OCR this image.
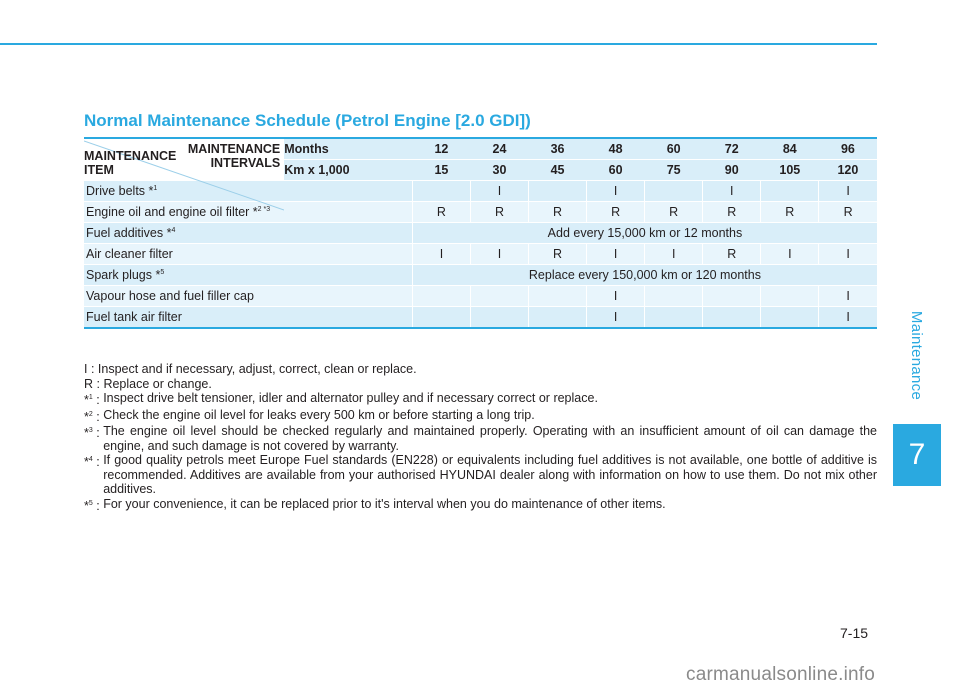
Maintenance
7
Normal Maintenance Schedule (Petrol Engine [2.0 GDI])
MAINTENANCE
INTERVALS
MAINTENANCE
ITEM	Months	12	24	36	48	60	72	84	96
	Km x 1,000	15	30	45	60	75	90	105	120
Drive belts *$^1$			I		I		I		I
Engine oil and engine oil filter *$^{2 *3}$		R	R	R	R	R	R	R	R
Fuel additives *$^4$		Add every 15,000 km or 12 months							
Air cleaner filter		I	I	R	I	I	R	I	I
Spark plugs *$^5$		Replace every 150,000 km or 120 months							
Vapour hose and fuel filler cap					I				I
Fuel tank air filter					I				I
I : Inspect and if necessary, adjust, correct, clean or replace.
R : Replace or change.
*$^1$ : Inspect drive belt tensioner, idler and alternator pulley and if necessary correct or replace.
*$^2$ : Check the engine oil level for leaks every 500 km or before starting a long trip.
*$^3$ : The engine oil level should be checked regularly and maintained properly. Operating with an insufficient amount of oil can damage the engine, and such damage is not covered by warranty.
*$^4$ : If good quality petrols meet Europe Fuel standards (EN228) or equivalents including fuel additives is not available, one bottle of additive is recommended. Additives are available from your authorised HYUNDAI dealer along with information on how to use them. Do not mix other additives.
*$^5$ : For your convenience, it can be replaced prior to it's interval when you do maintenance of other items.
7-15
carmanualsonline.info
